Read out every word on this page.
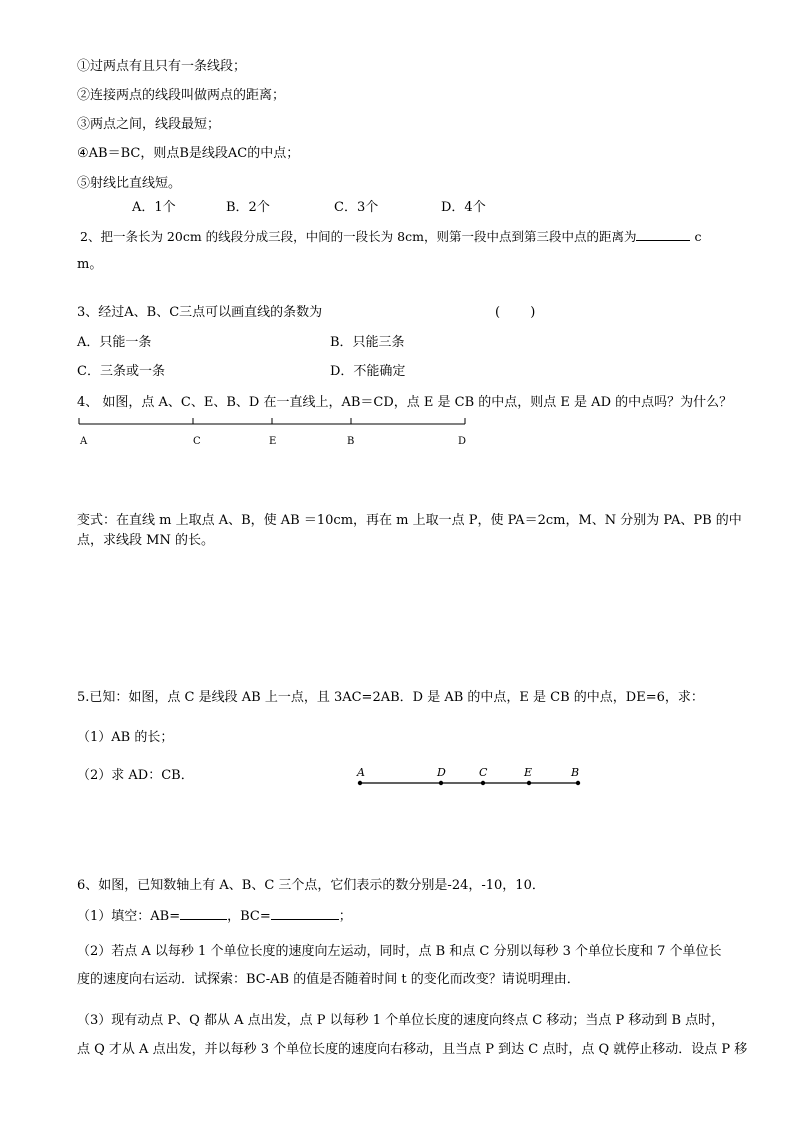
①过两点有且只有一条线段；
②连接两点的线段叫做两点的距离；
③两点之间，线段最短；
④AB＝BC，则点B是线段AC的中点；
⑤射线比直线短。
A．1个	B．2个	C．3个	D．4个
2、把一条长为 20cm 的线段分成三段，中间的一段长为 8cm，则第一段中点到第三段中点的距离为	c
m。
3、经过A、B、C三点可以画直线的条数为	(　　 )
A．只能一条	B．只能三条
C．三条或一条	D．不能确定
4、 如图，点 A、C、E、B、D 在一直线上，AB＝CD，点 E 是 CB 的中点，则点 E 是 AD 的中点吗？为什么？
A	C	E	B	D
变式：在直线 m 上取点 A、B，使 AB ＝10cm，再在 m 上取一点 P，使 PA＝2cm，M、N 分别为 PA、PB 的中
点，求线段 MN 的长。
5.已知：如图，点 C 是线段 AB 上一点，且 3AC=2AB．D 是 AB 的中点，E 是 CB 的中点，DE=6，求：
（1）AB 的长；
（2）求 AD：CB．	A	D	C	E	B
6、如图，已知数轴上有 A、B、C 三个点，它们表示的数分别是-24，-10，10．
（1）填空：AB=	，BC=	；
（2）若点 A 以每秒 1 个单位长度的速度向左运动，同时，点 B 和点 C 分别以每秒 3 个单位长度和 7 个单位长
度的速度向右运动．试探索：BC-AB 的值是否随着时间 t 的变化而改变？请说明理由．
（3）现有动点 P、Q 都从 A 点出发，点 P 以每秒 1 个单位长度的速度向终点 C 移动；当点 P 移动到 B 点时，
点 Q 才从 A 点出发，并以每秒 3 个单位长度的速度向右移动，且当点 P 到达 C 点时，点 Q 就停止移动．设点 P 移
